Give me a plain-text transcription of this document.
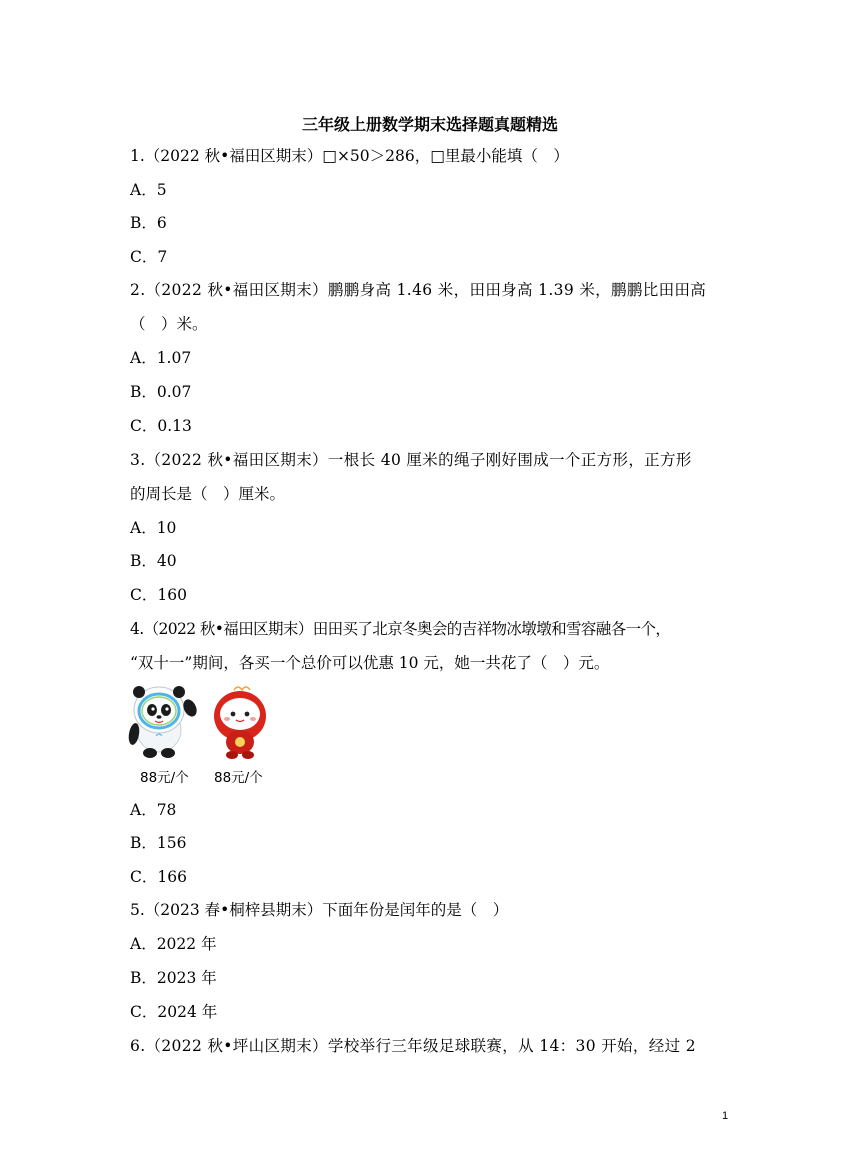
三年级上册数学期末选择题真题精选
1.（2022 秋•福田区期末）□×50＞286，□里最小能填（　）
A．5
B．6
C．7
2.（2022 秋•福田区期末）鹏鹏身高 1.46 米，田田身高 1.39 米，鹏鹏比田田高
（　）米。
A．1.07
B．0.07
C．0.13
3.（2022 秋•福田区期末）一根长 40 厘米的绳子刚好围成一个正方形，正方形
的周长是（　）厘米。
A．10
B．40
C．160
4.（2022 秋•福田区期末）田田买了北京冬奥会的吉祥物冰墩墩和雪容融各一个，
“双十一”期间，各买一个总价可以优惠 10 元，她一共花了（　）元。
88元/个 88元/个
A．78
B．156
C．166
5.（2023 春•桐梓县期末）下面年份是闰年的是（　）
A．2022 年
B．2023 年
C．2024 年
6.（2022 秋•坪山区期末）学校举行三年级足球联赛，从 14：30 开始，经过 2
1
